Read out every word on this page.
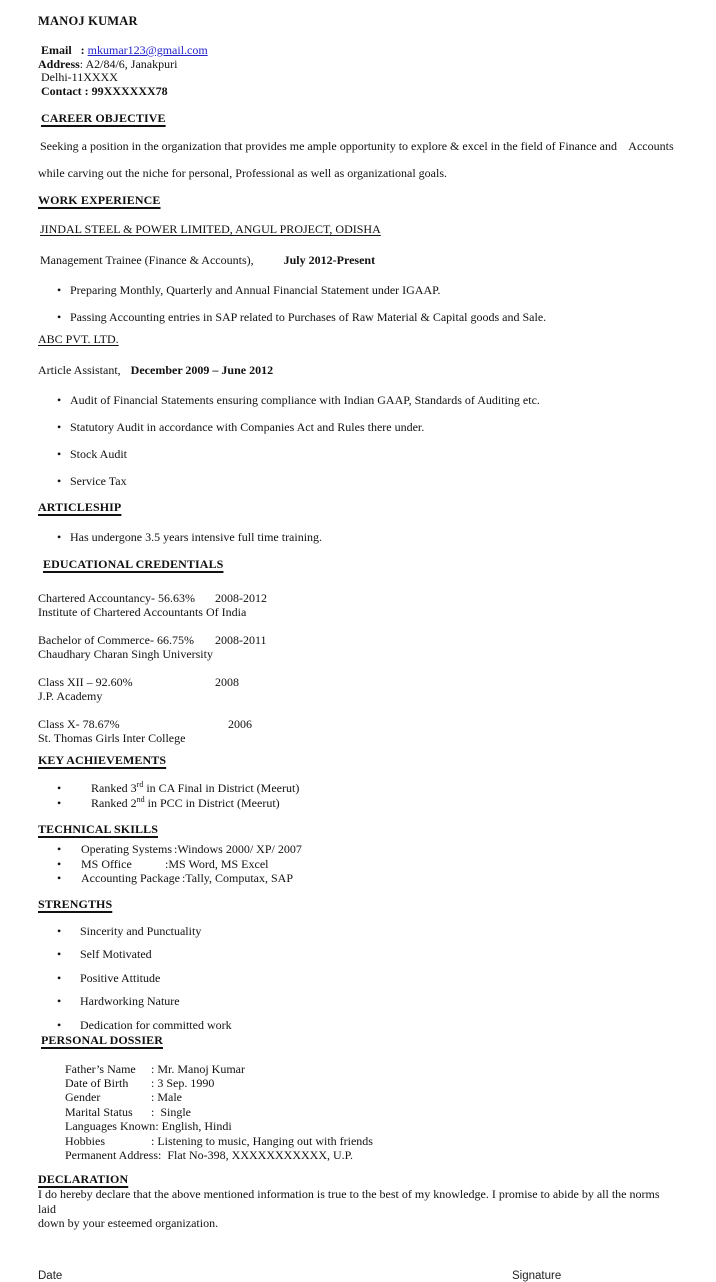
MANOJ KUMAR
Email   : mkumar123@gmail.com
Address: A2/84/6, Janakpuri
Delhi-11XXXX
Contact : 99XXXXXX78
CAREER OBJECTIVE
Seeking a position in the organization that provides me ample opportunity to explore & excel in the field of Finance and    Accounts
while carving out the niche for personal, Professional as well as organizational goals.
WORK EXPERIENCE
JINDAL STEEL & POWER LIMITED, ANGUL PROJECT, ODISHA
Management Trainee (Finance & Accounts),	July 2012-Present
•
Preparing Monthly, Quarterly and Annual Financial Statement under IGAAP.
•
Passing Accounting entries in SAP related to Purchases of Raw Material & Capital goods and Sale.
ABC PVT. LTD.
Article Assistant, December 2009 – June 2012
•
Audit of Financial Statements ensuring compliance with Indian GAAP, Standards of Auditing etc.
•
Statutory Audit in accordance with Companies Act and Rules there under.
•
Stock Audit
•
Service Tax
ARTICLESHIP
•
Has undergone 3.5 years intensive full time training.
EDUCATIONAL CREDENTIALS
Chartered Accountancy- 56.63% 2008-2012
Institute of Chartered Accountants Of India
Bachelor of Commerce- 66.75% 2008-2011
Chaudhary Charan Singh University
Class XII – 92.60%	2008
J.P. Academy
Class X- 78.67%	2006
St. Thomas Girls Inter College
KEY ACHIEVEMENTS
•
Ranked 3rd in CA Final in District (Meerut)
•
Ranked 2nd in PCC in District (Meerut)
TECHNICAL SKILLS
•
Operating Systems :Windows 2000/ XP/ 2007
•
MS Office	:MS Word, MS Excel
•
Accounting Package :Tally, Computax, SAP
STRENGTHS
•
Sincerity and Punctuality
•
Self Motivated
•
Positive Attitude
•
Hardworking Nature
•
Dedication for committed work
PERSONAL DOSSIER
Father’s Name : Mr. Manoj Kumar
Date of Birth : 3 Sep. 1990
Gender	: Male
Marital Status :  Single
Languages Known: English, Hindi
Hobbies	: Listening to music, Hanging out with friends
Permanent Address:  Flat No-398, XXXXXXXXXXX, U.P.
DECLARATION
I do hereby declare that the above mentioned information is true to the best of my knowledge. I promise to abide by all the norms laid
down by your esteemed organization.
Date	Signature
